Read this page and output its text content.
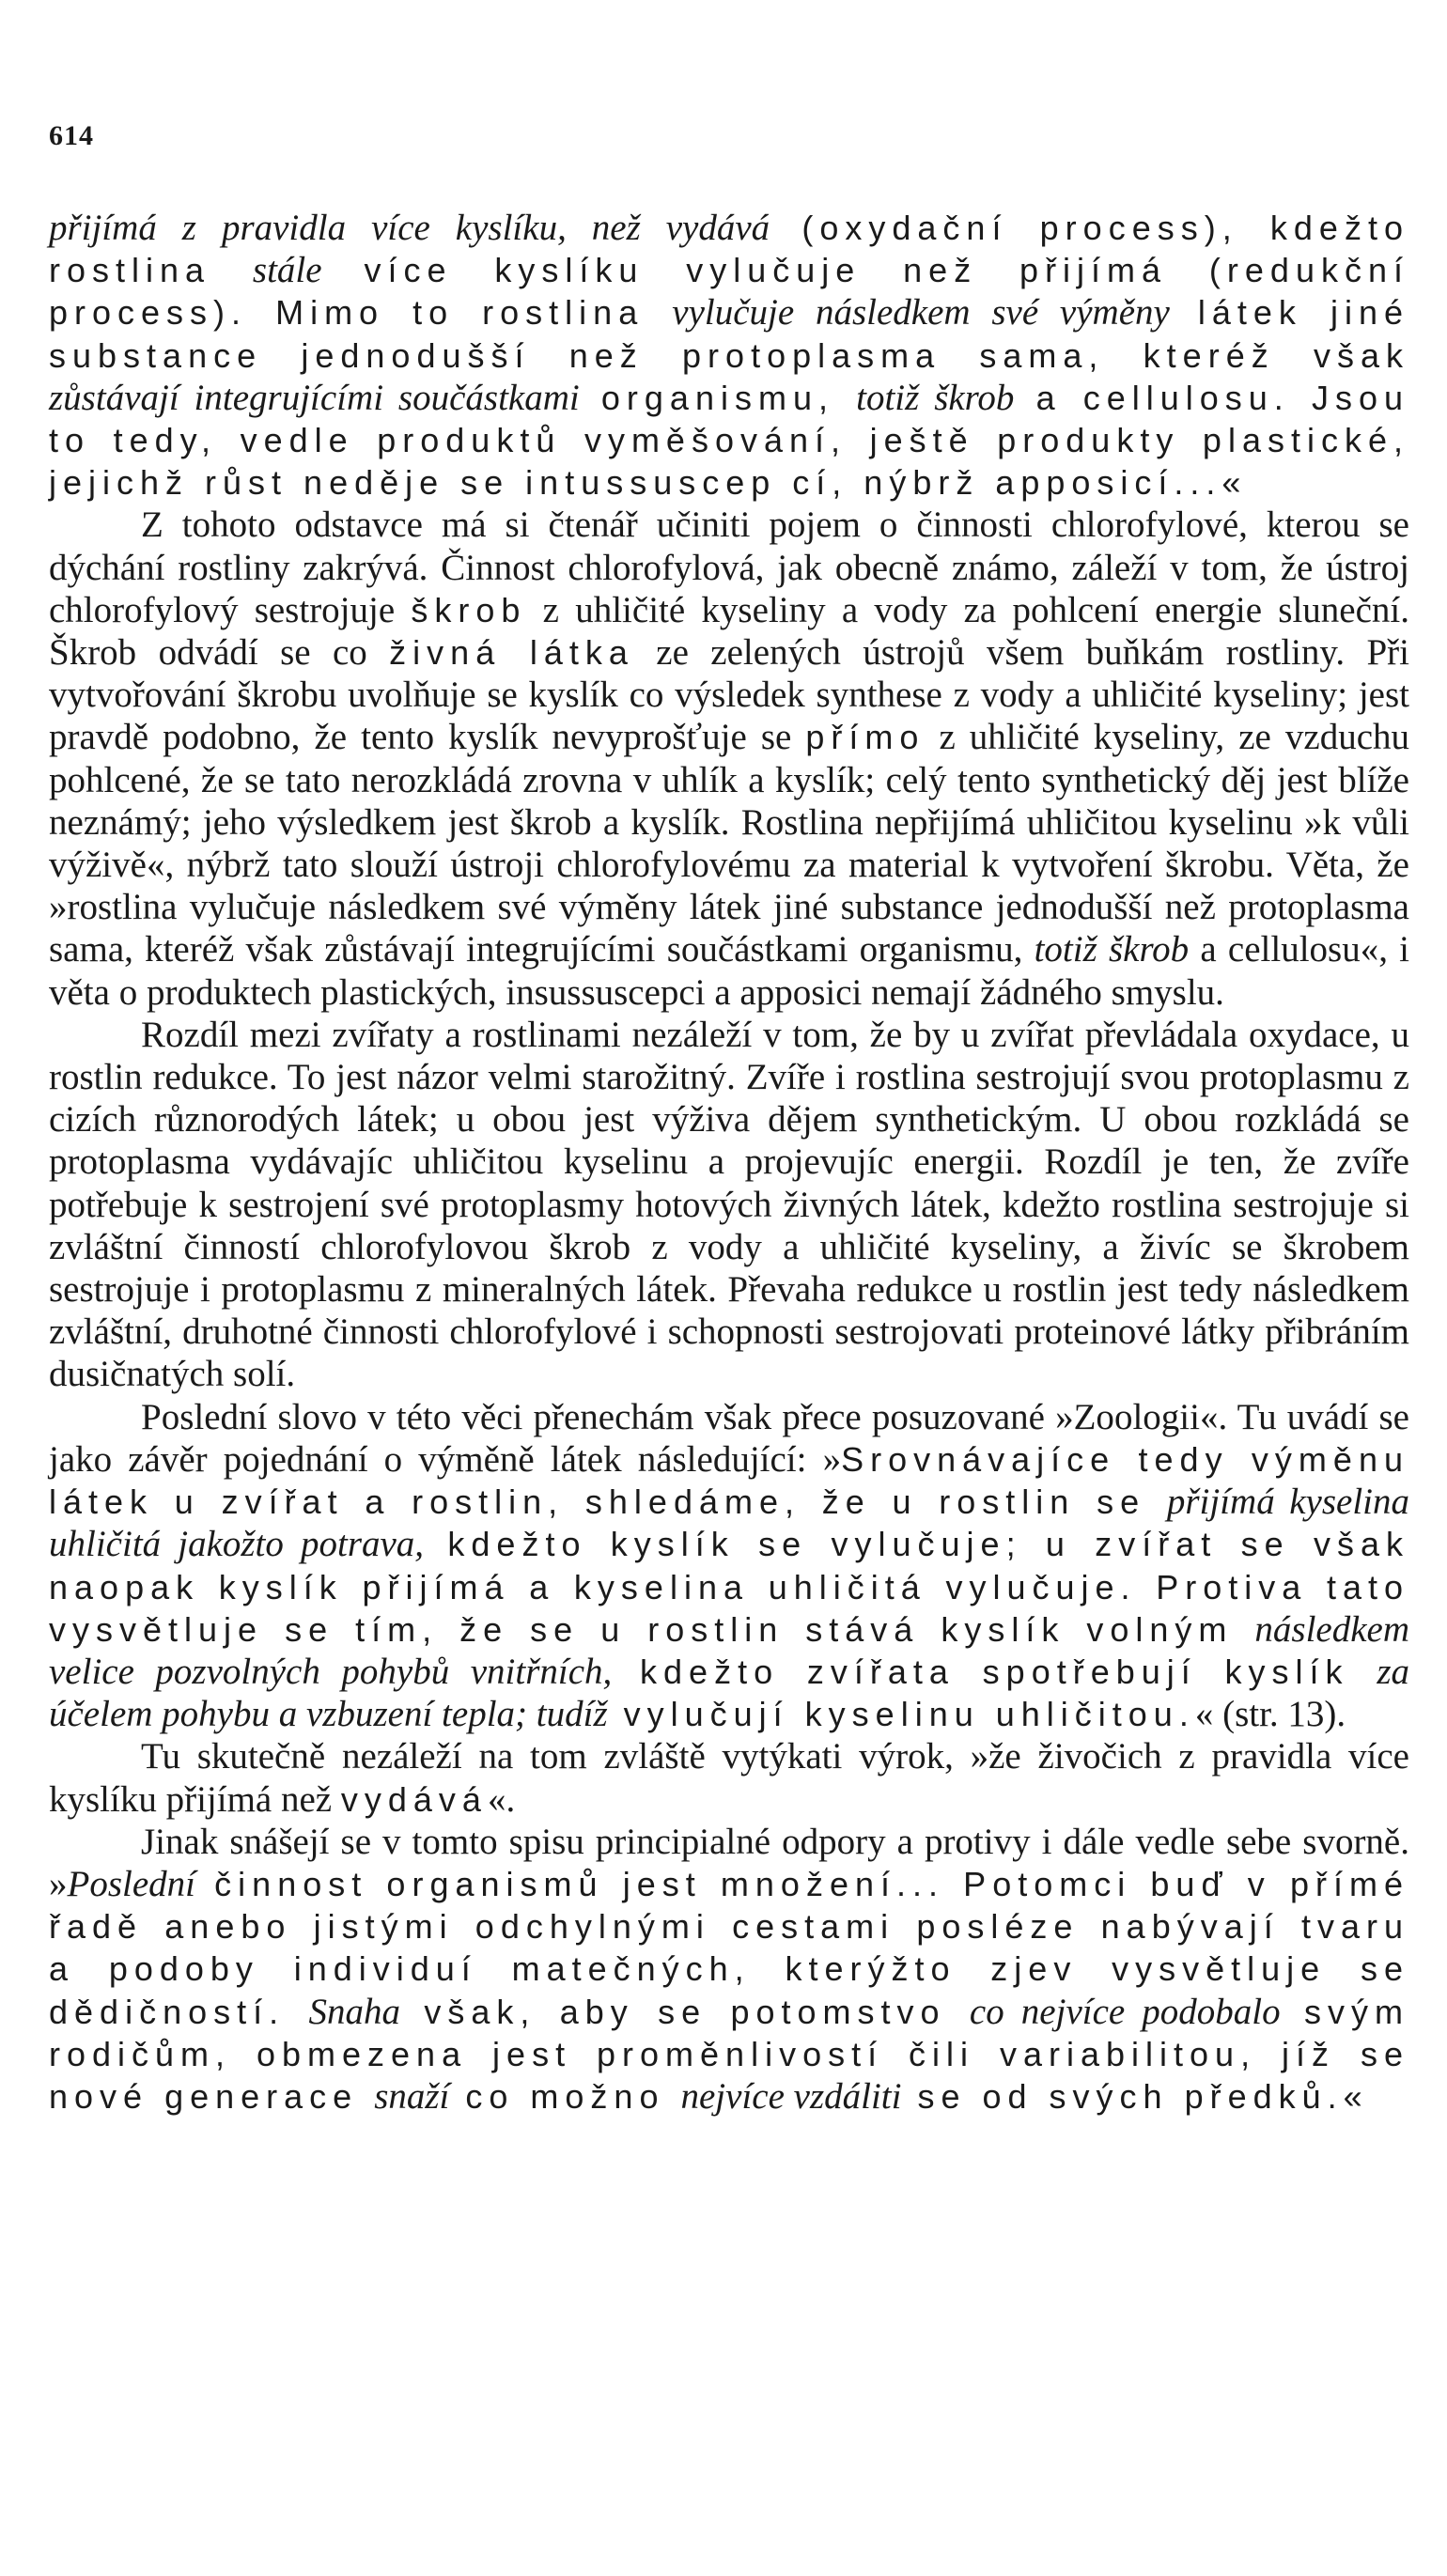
614

přijímá z pravidla více kyslíku, než vydává (oxydační process), kdežto rostlina stále více kyslíku vylučuje než přijímá (redukční process). Mimo to rostlina vylučuje následkem své výměny látek jiné substance jednodušší než protoplasma sama, kteréž však zůstávají integrujícími součástkami organismu, totiž škrob a cellulosu. Jsou to tedy, vedle produktů vyměšování, ještě produkty plastické, jejichž růst neděje se intussuscep cí, nýbrž apposicí...«

Z tohoto odstavce má si čtenář učiniti pojem o činnosti chlorofylové, kterou se dýchání rostliny zakrývá. Činnost chlorofylová, jak obecně známo, záleží v tom, že ústroj chlorofylový sestrojuje škrob z uhličité kyseliny a vody za pohlcení energie sluneční. Škrob odvádí se co živná látka ze zelených ústrojů všem buňkám rostliny. Při vytvořování škrobu uvolňuje se kyslík co výsledek synthese z vody a uhličité kyseliny; jest pravdě podobno, že tento kyslík nevyprošťuje se přímo z uhličité kyseliny, ze vzduchu pohlcené, že se tato nerozkládá zrovna v uhlík a kyslík; celý tento synthetický děj jest blíže neznámý; jeho výsledkem jest škrob a kyslík. Rostlina nepřijímá uhličitou kyselinu »k vůli výživě«, nýbrž tato slouží ústroji chlorofylovému za material k vytvoření škrobu. Věta, že »rostlina vylučuje následkem své výměny látek jiné substance jednodušší než protoplasma sama, kteréž však zůstávají integrujícími součástkami organismu, totiž škrob a cellulosu«, i věta o produktech plastických, insussuscepci a apposici nemají žádného smyslu.

Rozdíl mezi zvířaty a rostlinami nezáleží v tom, že by u zvířat převládala oxydace, u rostlin redukce. To jest názor velmi starožitný. Zvíře i rostlina sestrojují svou protoplasmu z cizích různorodých látek; u obou jest výživa dějem synthetickým. U obou rozkládá se protoplasma vydávajíc uhličitou kyselinu a projevujíc energii. Rozdíl je ten, že zvíře potřebuje k sestrojení své protoplasmy hotových živných látek, kdežto rostlina sestrojuje si zvláštní činností chlorofylovou škrob z vody a uhličité kyseliny, a živíc se škrobem sestrojuje i protoplasmu z mineralných látek. Převaha redukce u rostlin jest tedy následkem zvláštní, druhotné činnosti chlorofylové i schopnosti sestrojovati proteinové látky přibráním dusičnatých solí.

Poslední slovo v této věci přenechám však přece posuzované »Zoologii«. Tu uvádí se jako závěr pojednání o výměně látek následující: »Srovnávajíce tedy výměnu látek u zvířat a rostlin, shledáme, že u rostlin se přijímá kyselina uhličitá jakožto potrava, kdežto kyslík se vylučuje; u zvířat se však naopak kyslík přijímá a kyselina uhličitá vylučuje. Protiva tato vysvětluje se tím, že se u rostlin stává kyslík volným následkem velice pozvolných pohybů vnitřních, kdežto zvířata spotřebují kyslík za účelem pohybu a vzbuzení tepla; tudíž vylučují kyselinu uhličitou.« (str. 13).

Tu skutečně nezáleží na tom zvláště vytýkati výrok, »že živočich z pravidla více kyslíku přijímá než vydává«.

Jinak snášejí se v tomto spisu principialné odpory a protivy i dále vedle sebe svorně. »Poslední činnost organismů jest množení... Potomci buď v přímé řadě anebo jistými odchylnými cestami posléze nabývají tvaru a podoby individuí matečných, kterýžto zjev vysvětluje se dědičností. Snaha však, aby se potomstvo co nejvíce podobalo svým rodičům, obmezena jest proměnlivostí čili variabilitou, jíž se nové generace snaží co možno nejvíce vzdáliti se od svých předků.«
